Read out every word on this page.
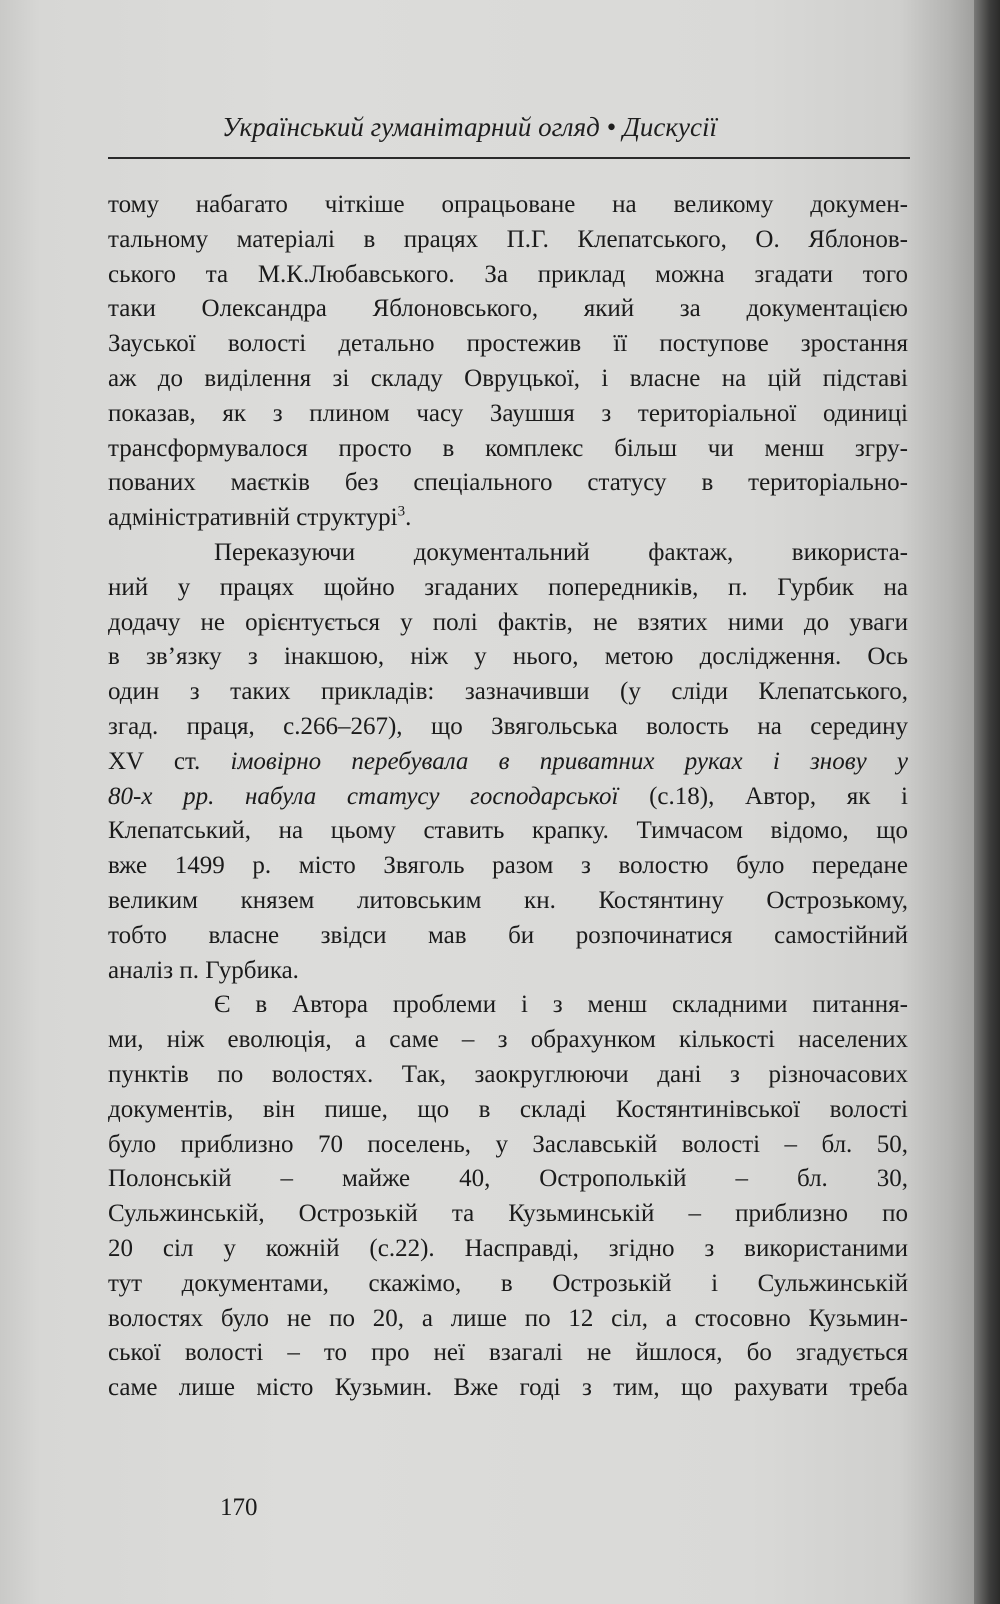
Український гуманітарний огляд • Дискусії

тому набагато чіткіше опрацьоване на великому докумен-
тальному матеріалі в працях П.Г. Клепатського, О. Яблонов-
ського та М.К.Любавського. За приклад можна згадати того
таки Олександра Яблоновського, який за документацією
Зауської волості детально простежив її поступове зростання
аж до виділення зі складу Овруцької, і власне на цій підставі
показав, як з плином часу Заушшя з територіальної одиниці
трансформувалося просто в комплекс більш чи менш згру-
пованих маєтків без спеціального статусу в територіально-
адміністративній структурі$^3$.

Переказуючи документальний фактаж, використа-
ний у працях щойно згаданих попередників, п. Гурбик на
додачу не орієнтується у полі фактів, не взятих ними до уваги
в зв’язку з інакшою, ніж у нього, метою дослідження. Ось
один з таких прикладів: зазначивши (у сліди Клепатського,
згад. праця, с.266–267), що Звягольська волость на середину
XV ст. імовірно перебувала в приватних руках і знову у
80-х рр. набула статусу господарської (с.18), Автор, як і
Клепатський, на цьому ставить крапку. Тимчасом відомо, що
вже 1499 р. місто Звяголь разом з волостю було передане
великим князем литовським кн. Костянтину Острозькому,
тобто власне звідси мав би розпочинатися самостійний
аналіз п. Гурбика.

Є в Автора проблеми і з менш складними питання-
ми, ніж еволюція, а саме – з обрахунком кількості населених
пунктів по волостях. Так, заокруглюючи дані з різночасових
документів, він пише, що в складі Костянтинівської волості
було приблизно 70 поселень, у Заславській волості – бл. 50,
Полонській – майже 40, Острополькій – бл. 30,
Сульжинській, Острозькій та Кузьминській – приблизно по
20 сіл у кожній (с.22). Насправді, згідно з використаними
тут документами, скажімо, в Острозькій і Сульжинській
волостях було не по 20, а лише по 12 сіл, а стосовно Кузьмин-
ської волості – то про неї взагалі не йшлося, бо згадується
саме лише місто Кузьмин. Вже годі з тим, що рахувати треба

170
